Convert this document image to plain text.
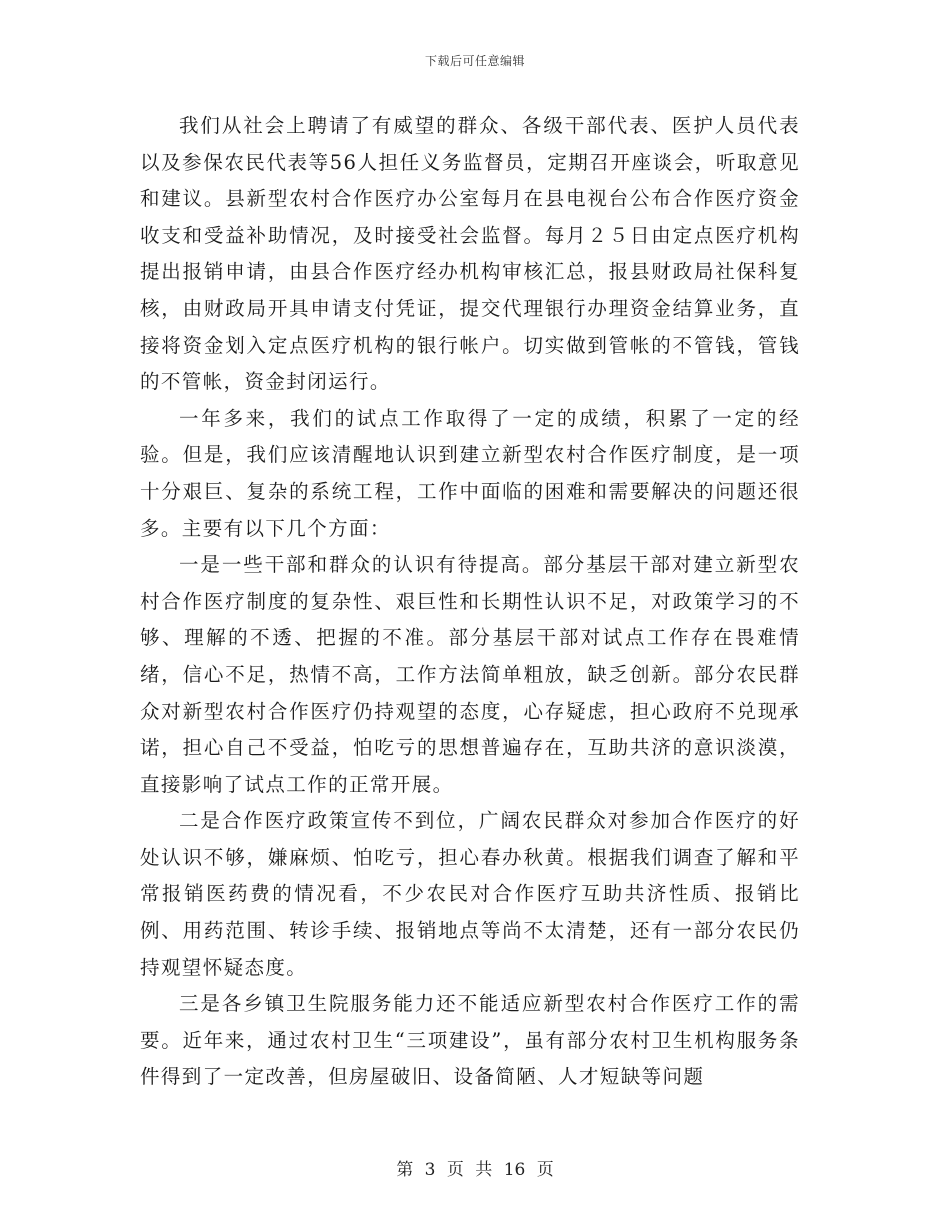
下载后可任意编辑

我们从社会上聘请了有威望的群众、各级干部代表、医护人员代表以及参保农民代表等56人担任义务监督员，定期召开座谈会，听取意见和建议。县新型农村合作医疗办公室每月在县电视台公布合作医疗资金收支和受益补助情况，及时接受社会监督。每月２５日由定点医疗机构提出报销申请，由县合作医疗经办机构审核汇总，报县财政局社保科复核，由财政局开具申请支付凭证，提交代理银行办理资金结算业务，直接将资金划入定点医疗机构的银行帐户。切实做到管帐的不管钱，管钱的不管帐，资金封闭运行。

一年多来，我们的试点工作取得了一定的成绩，积累了一定的经验。但是，我们应该清醒地认识到建立新型农村合作医疗制度，是一项十分艰巨、复杂的系统工程，工作中面临的困难和需要解决的问题还很多。主要有以下几个方面：

一是一些干部和群众的认识有待提高。部分基层干部对建立新型农村合作医疗制度的复杂性、艰巨性和长期性认识不足，对政策学习的不够、理解的不透、把握的不准。部分基层干部对试点工作存在畏难情绪，信心不足，热情不高，工作方法简单粗放，缺乏创新。部分农民群众对新型农村合作医疗仍持观望的态度，心存疑虑，担心政府不兑现承诺，担心自己不受益，怕吃亏的思想普遍存在，互助共济的意识淡漠，直接影响了试点工作的正常开展。

二是合作医疗政策宣传不到位，广阔农民群众对参加合作医疗的好处认识不够，嫌麻烦、怕吃亏，担心春办秋黄。根据我们调查了解和平常报销医药费的情况看，不少农民对合作医疗互助共济性质、报销比例、用药范围、转诊手续、报销地点等尚不太清楚，还有一部分农民仍持观望怀疑态度。

三是各乡镇卫生院服务能力还不能适应新型农村合作医疗工作的需要。近年来，通过农村卫生“三项建设”，虽有部分农村卫生机构服务条件得到了一定改善，但房屋破旧、设备简陋、人才短缺等问题

第 3 页 共 16 页
